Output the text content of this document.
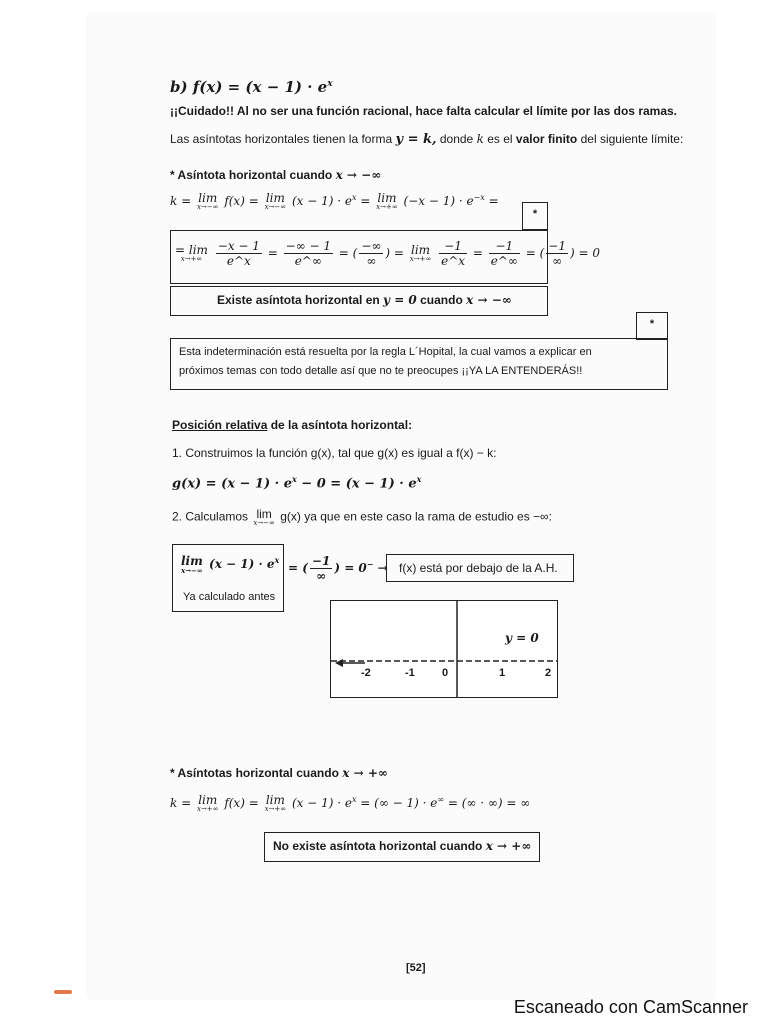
b) $f(x) = (x - 1) \cdot e^x$
¡¡Cuidado!! Al no ser una función racional, hace falta calcular el límite por las dos ramas.
Las asíntotas horizontales tienen la forma y = k, donde k es el valor finito del siguiente límite:
* Asíntota horizontal cuando x → −∞
k = lim
x→−∞ f(x) = lim
x→−∞ $(x - 1) \cdot e^x = \lim$
x→+∞ $(-x - 1) \cdot e^{-x}$ =
*
= lim
x→+∞
	$\frac{-x - 1}{e\^{}x} = \frac{-\infty - 1}{e\^{}\infty}$ = ( $\frac{-\infty}{\infty}$ ) = lim
x→+∞
$\frac{-1}{e\^{}x} = \frac{-1}{e\^{}\infty}$ = ( $\frac{-1}{\infty}$ ) = 0
Existe asíntota horizontal en y = 0 cuando x → −∞
*
Esta indeterminación está resuelta por la regla L´Hopital, la cual vamos a explicar en
próximos temas con todo detalle así que no te preocupes ¡¡YA LA ENTENDERÁS!!
Posición relativa de la asíntota horizontal:
1. Construimos la función g(x), tal que g(x) es igual a f(x) − k:
$g(x) = (x - 1) \cdot e^x - 0 = (x - 1) \cdot e^x$
2. Calculamos lim
x→−∞ g(x) ya que en este caso la rama de estudio es −∞:
lim
x→−∞ $(x - 1) \cdot e^x$
Ya calculado antes
= ( $\frac{-1}{\infty}$ ) = 0− → f(x) está por debajo de la A.H.
y = 0
-2	-1 0	1	2
* Asíntotas horizontal cuando x → +∞
k = lim
x→+∞ f(x) = lim
x→+∞ $(x - 1) \cdot e^x$ = (∞ − 1) · e∞ = (∞ · ∞) = ∞
No existe asíntota horizontal cuando x → +∞
[52]
Escaneado con CamScanner
